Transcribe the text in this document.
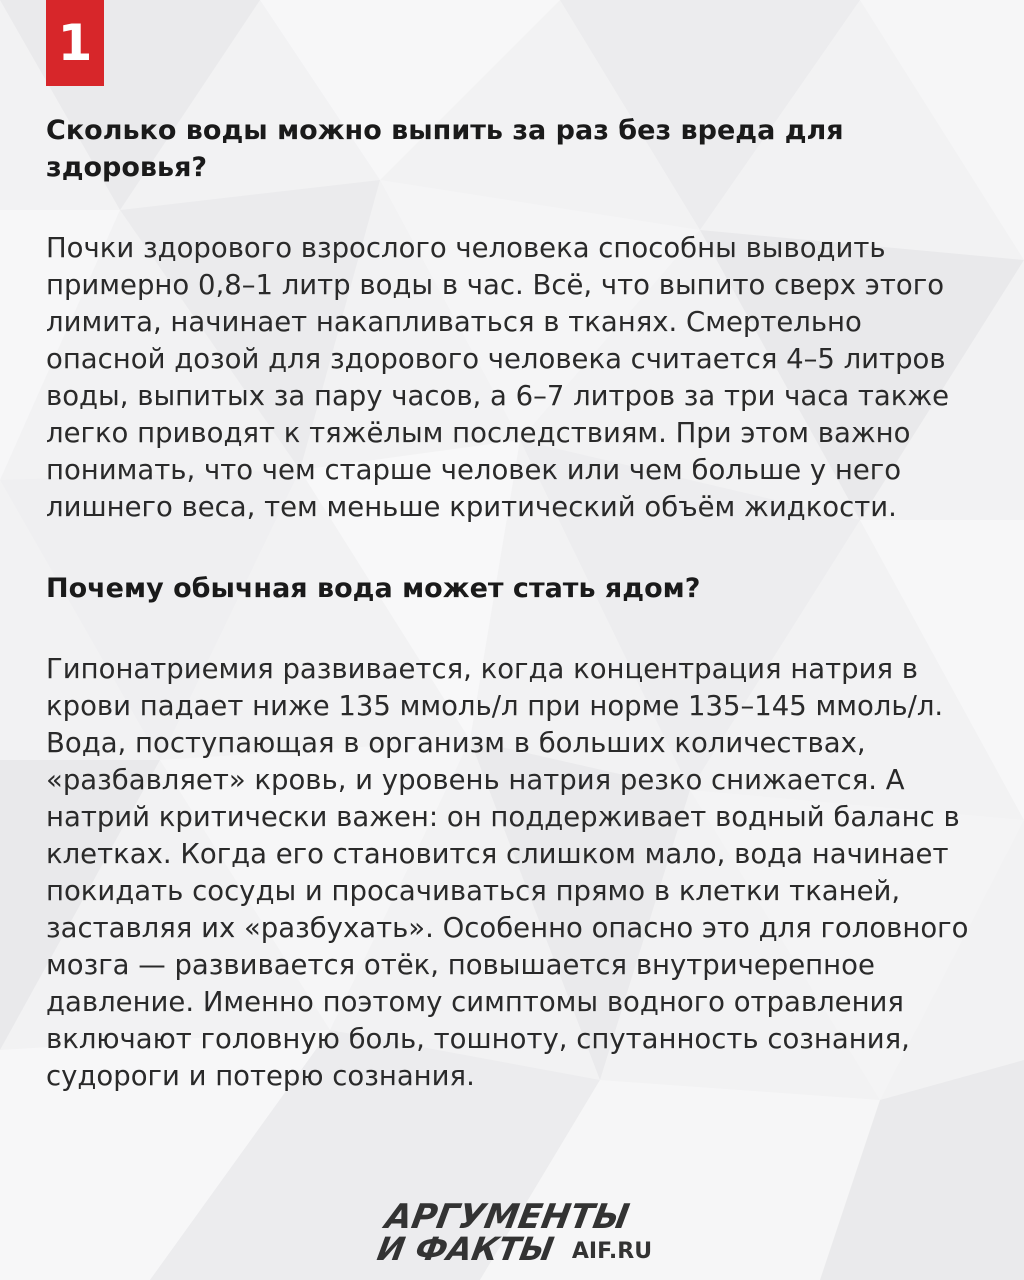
1
Сколько воды можно выпить за раз без вреда для здоровья?

Почки здорового взрослого человека способны выводить примерно 0,8–1 литр воды в час. Всё, что выпито сверх этого лимита, начинает накапливаться в тканях. Смертельно опасной дозой для здорового человека считается 4–5 литров воды, выпитых за пару часов, а 6–7 литров за три часа также легко приводят к тяжёлым последствиям. При этом важно понимать, что чем старше человек или чем больше у него лишнего веса, тем меньше критический объём жидкости.

Почему обычная вода может стать ядом?

Гипонатриемия развивается, когда концентрация натрия в крови падает ниже 135 ммоль/л при норме 135–145 ммоль/л. Вода, поступающая в организм в больших количествах, «разбавляет» кровь, и уровень натрия резко снижается. А натрий критически важен: он поддерживает водный баланс в клетках. Когда его становится слишком мало, вода начинает покидать сосуды и просачиваться прямо в клетки тканей, заставляя их «разбухать». Особенно опасно это для головного мозга — развивается отёк, повышается внутричерепное давление. Именно поэтому симптомы водного отравления включают головную боль, тошноту, спутанность сознания, судороги и потерю сознания.

АРГУМЕНТЫ
И ФАКТЫ AIF.RU
